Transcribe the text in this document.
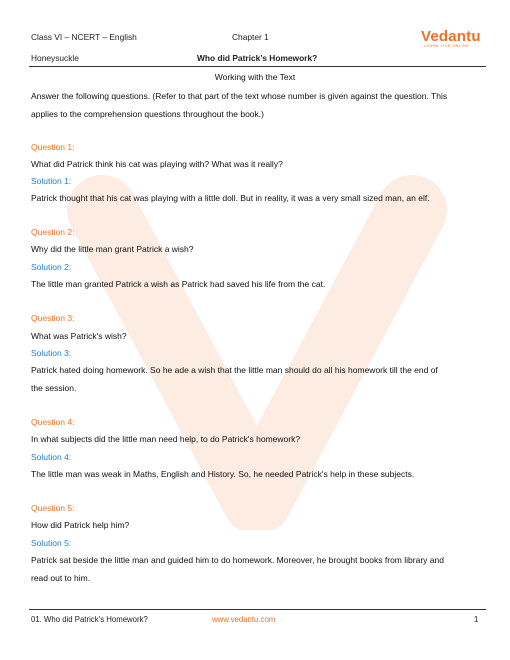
Class VI – NCERT – English	Chapter 1
Honeysuckle	Who did Patrick’s Homework?
Vedantu
LEARN LIVE ONLINE
Working with the Text
Answer the following questions. (Refer to that part of the text whose number is given against the question. This
applies to the comprehension questions throughout the book.)
Question 1:
What did Patrick think his cat was playing with? What was it really?
Solution 1:
Patrick thought that his cat was playing with a little doll. But in reality, it was a very small sized man, an elf.
Question 2:
Why did the little man grant Patrick a wish?
Solution 2:
The little man granted Patrick a wish as Patrick had saved his life from the cat.
Question 3:
What was Patrick's wish?
Solution 3:
Patrick hated doing homework. So he ade a wish that the little man should do all his homework till the end of
the session.
Question 4:
In what subjects did the little man need help, to do Patrick's homework?
Solution 4:
The little man was weak in Maths, English and History. So, he needed Patrick's help in these subjects.
Question 5:
How did Patrick help him?
Solution 5:
Patrick sat beside the little man and guided him to do homework. Moreover, he brought books from library and
read out to him.
01. Who did Patrick’s Homework?	www.vedantu.com	1
